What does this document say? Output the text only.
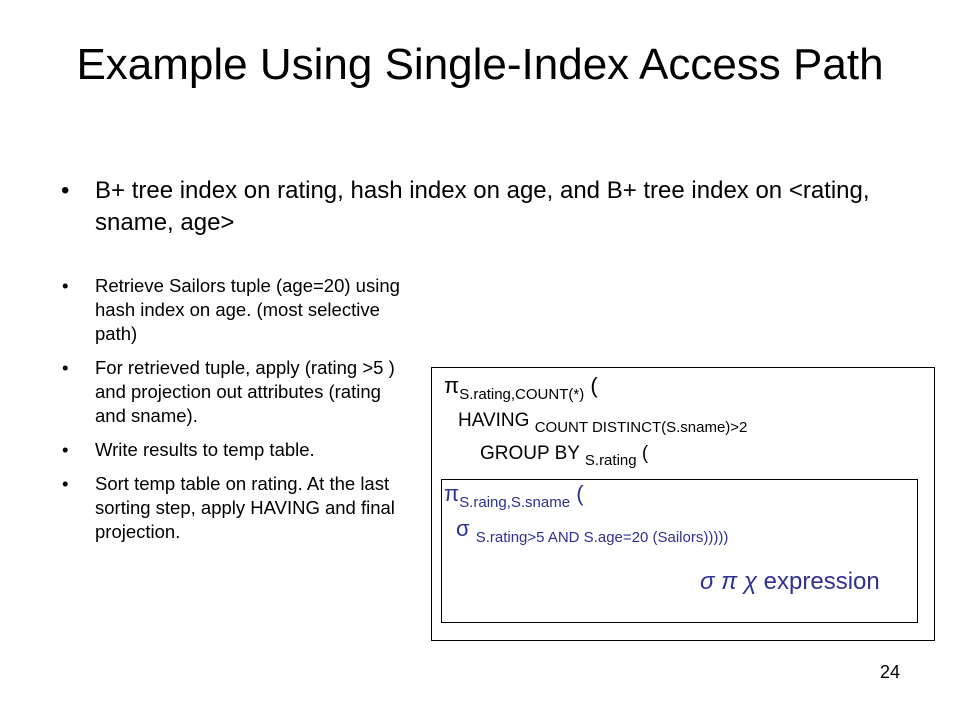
Example Using Single-Index Access Path
• B+ tree index on rating, hash index on age, and B+ tree index on <rating, sname, age>
• Retrieve Sailors tuple (age=20) using hash index on age. (most selective path)
• For retrieved tuple, apply (rating >5 ) and projection out attributes (rating and sname).
• Write results to temp table.
• Sort temp table on rating. At the last sorting step, apply HAVING and final projection.
$\pi_{S.rating,COUNT(*)}$ (
HAVING $_{COUNT DISTINCT(S.sname)>2}$
GROUP BY $_{S.rating}$ (
$\pi_{S.raing,S.sname}$ (
σ $_{S.rating>5 AND S.age=20 (Sailors)))))}$
σ π χ expression
24
